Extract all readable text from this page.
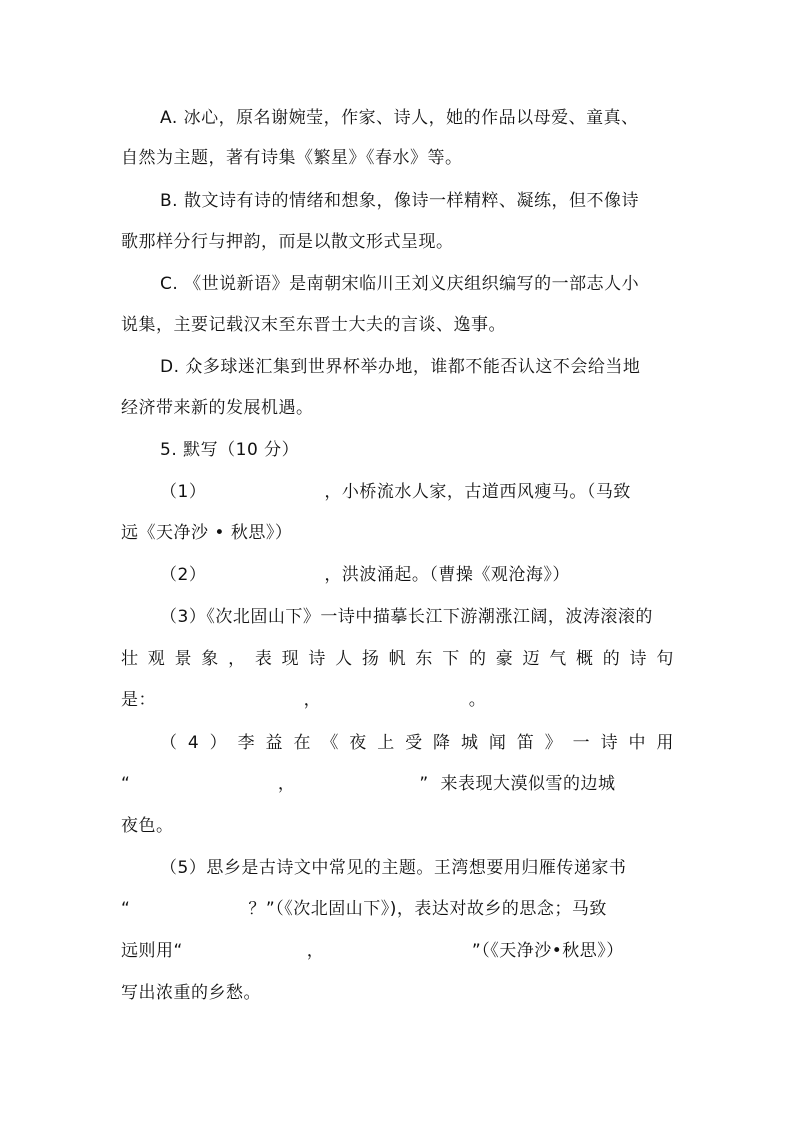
A. 冰心，原名谢婉莹，作家、诗人，她的作品以母爱、童真、
自然为主题，著有诗集《繁星》《春水》等。
B. 散文诗有诗的情绪和想象，像诗一样精粹、凝练，但不像诗
歌那样分行与押韵，而是以散文形式呈现。
C. 《世说新语》是南朝宋临川王刘义庆组织编写的一部志人小
说集，主要记载汉末至东晋士大夫的言谈、逸事。
D. 众多球迷汇集到世界杯举办地，谁都不能否认这不会给当地
经济带来新的发展机遇。
5. 默写（10 分）
（1）                    ，小桥流水人家，古道西风瘦马。（马致
远《天净沙 • 秋思》）
（2）                    ，洪波涌起。（曹操《观沧海》）
（3）《次北固山下》一诗中描摹长江下游潮涨江阔，波涛滚滚的
壮 观 景 象 ， 表 现 诗 人 扬 帆 东 下 的 豪 迈 气 概 的 诗 句
是：                         ，                         。
（ 4 ） 李 益 在 《 夜 上 受 降 城 闻 笛 》 一 诗 中 用
“                         ，                     ”  来表现大漠似雪的边城
夜色。
（5）思乡是古诗文中常见的主题。王湾想要用归雁传递家书
“                    ？”（《次北固山下》)，表达对故乡的思念；马致
远则用“                     ，                         ”（《天净沙•秋思》）
写出浓重的乡愁。
